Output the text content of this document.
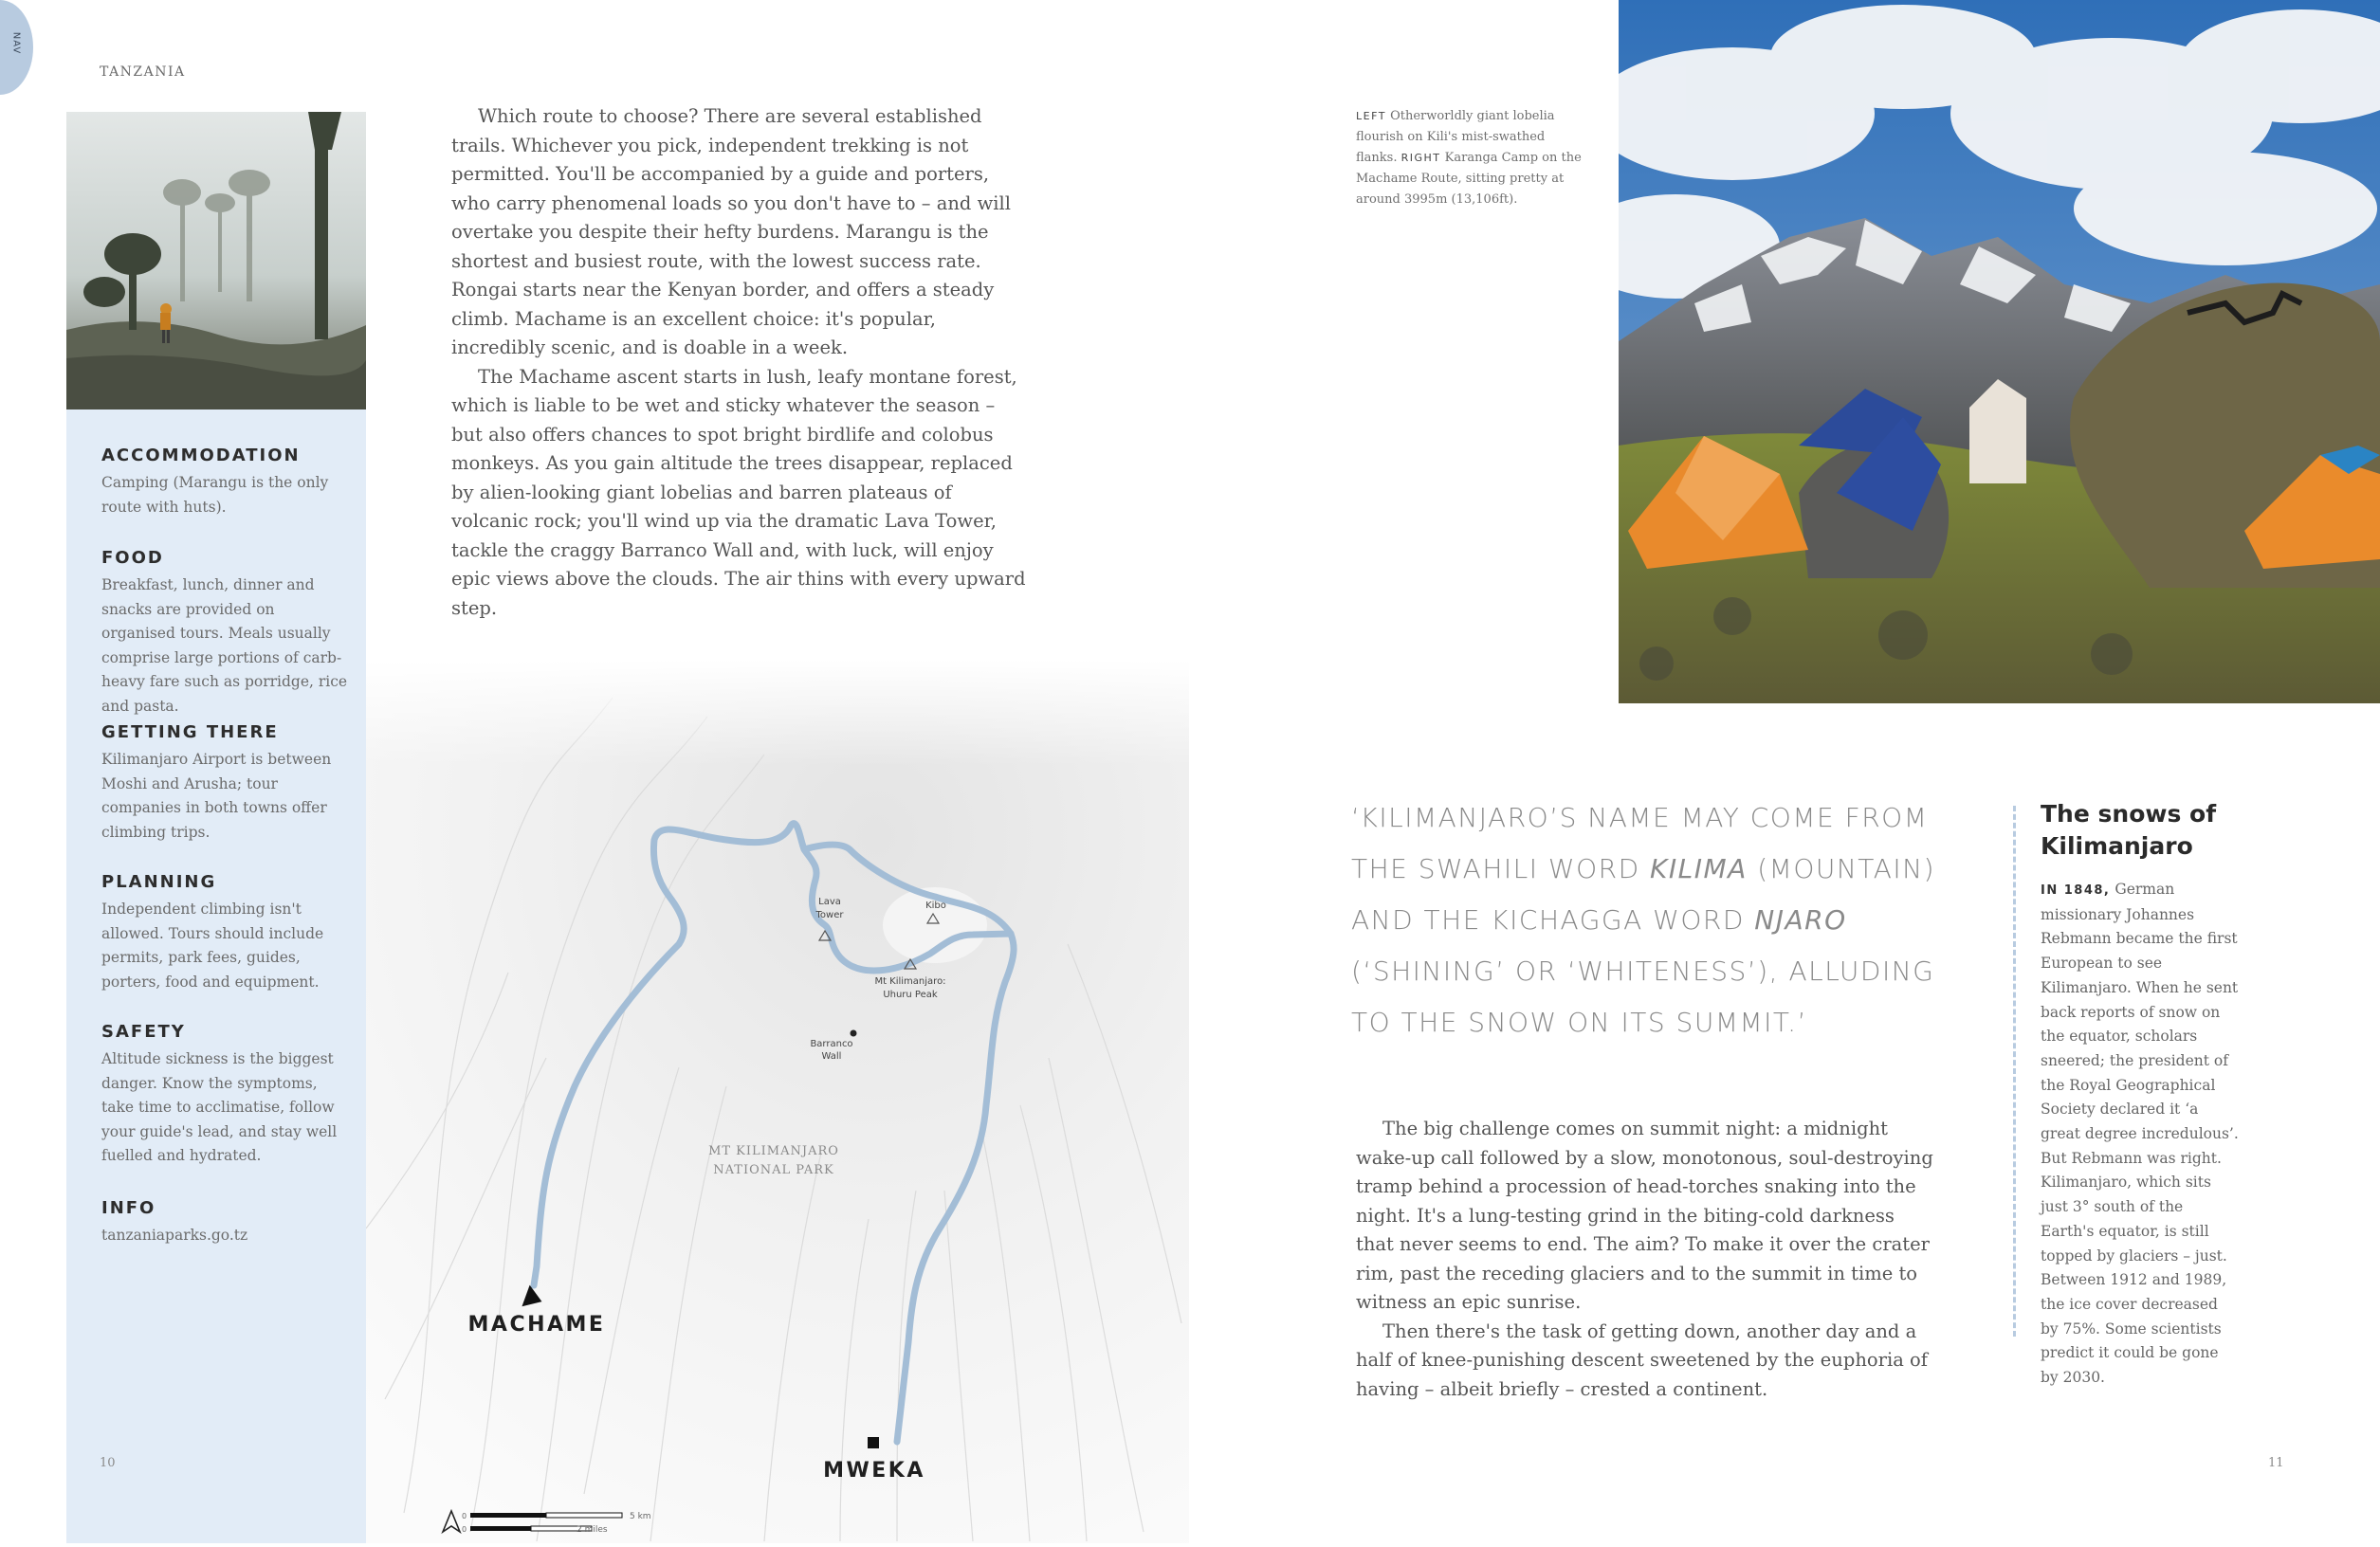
NAV
TANZANIA
ACCOMMODATION

Camping (Marangu is the only route with huts).

FOOD

Breakfast, lunch, dinner and snacks are provided on organised tours. Meals usually comprise large portions of carb-heavy fare such as porridge, rice and pasta.

GETTING THERE

Kilimanjaro Airport is between Moshi and Arusha; tour companies in both towns offer climbing trips.

PLANNING

Independent climbing isn't allowed. Tours should include permits, park fees, guides, porters, food and equipment.

SAFETY

Altitude sickness is the biggest danger. Know the symptoms, take time to acclimatise, follow your guide's lead, and stay well fuelled and hydrated.

INFO

tanzaniaparks.go.tz

10	11

Which route to choose? There are several established trails. Whichever you pick, independent trekking is not permitted. You'll be accompanied by a guide and porters, who carry phenomenal loads so you don't have to – and will overtake you despite their hefty burdens. Marangu is the shortest and busiest route, with the lowest success rate. Rongai starts near the Kenyan border, and offers a steady climb. Machame is an excellent choice: it's popular, incredibly scenic, and is doable in a week.

The Machame ascent starts in lush, leafy montane forest, which is liable to be wet and sticky whatever the season – but also offers chances to spot bright birdlife and colobus monkeys. As you gain altitude the trees disappear, replaced by alien-looking giant lobelias and barren plateaus of volcanic rock; you'll wind up via the dramatic Lava Tower, tackle the craggy Barranco Wall and, with luck, will enjoy epic views above the clouds. The air thins with every upward step.

Lava
Tower
Kibo
Mt Kilimanjaro:
Uhuru Peak
Barranco
Wall
MT KILIMANJARO
NATIONAL PARK
MACHAME
MWEKA
0
0
5 km
2 miles
LEFT Otherworldly giant lobelia flourish on Kili's mist-swathed flanks. RIGHT Karanga Camp on the Machame Route, sitting pretty at around 3995m (13,106ft).
‘KILIMANJARO’S NAME MAY COME FROM THE SWAHILI WORD KILIMA (MOUNTAIN) AND THE KICHAGGA WORD NJARO (‘SHINING’ OR ‘WHITENESS’), ALLUDING TO THE SNOW ON ITS SUMMIT.’

The big challenge comes on summit night: a midnight wake-up call followed by a slow, monotonous, soul-destroying tramp behind a procession of head-torches snaking into the night. It's a lung-testing grind in the biting-cold darkness that never seems to end. The aim? To make it over the crater rim, past the receding glaciers and to the summit in time to witness an epic sunrise.

Then there's the task of getting down, another day and a half of knee-punishing descent sweetened by the euphoria of having – albeit briefly – crested a continent.

The snows of Kilimanjaro
IN 1848, German missionary Johannes Rebmann became the first European to see Kilimanjaro. When he sent back reports of snow on the equator, scholars sneered; the president of the Royal Geographical Society declared it ‘a great degree incredulous’. But Rebmann was right. Kilimanjaro, which sits just 3° south of the Earth's equator, is still topped by glaciers – just. Between 1912 and 1989, the ice cover decreased by 75%. Some scientists predict it could be gone by 2030.
